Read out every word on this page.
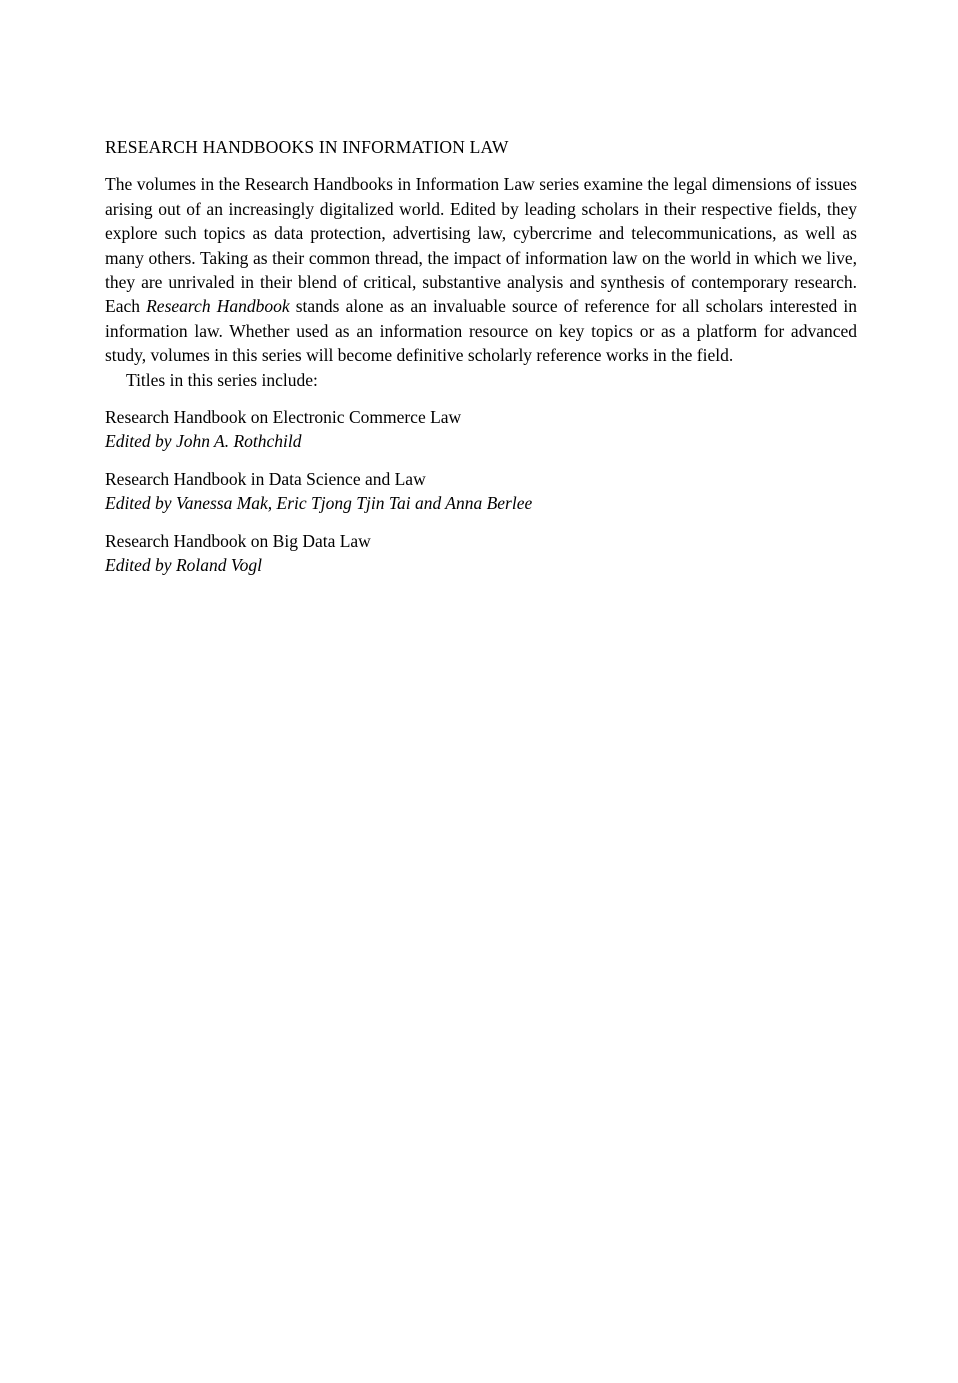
RESEARCH HANDBOOKS IN INFORMATION LAW

The volumes in the Research Handbooks in Information Law series examine the legal dimensions of issues arising out of an increasingly digitalized world. Edited by leading scholars in their respective fields, they explore such topics as data protection, advertising law, cybercrime and telecommunications, as well as many others. Taking as their common thread, the impact of information law on the world in which we live, they are unrivaled in their blend of critical, substantive analysis and synthesis of contemporary research. Each Research Handbook stands alone as an invaluable source of reference for all scholars interested in information law. Whether used as an information resource on key topics or as a platform for advanced study, volumes in this series will become definitive scholarly reference works in the field.

Titles in this series include:

Research Handbook on Electronic Commerce Law

Edited by John A. Rothchild

Research Handbook in Data Science and Law

Edited by Vanessa Mak, Eric Tjong Tjin Tai and Anna Berlee

Research Handbook on Big Data Law

Edited by Roland Vogl
